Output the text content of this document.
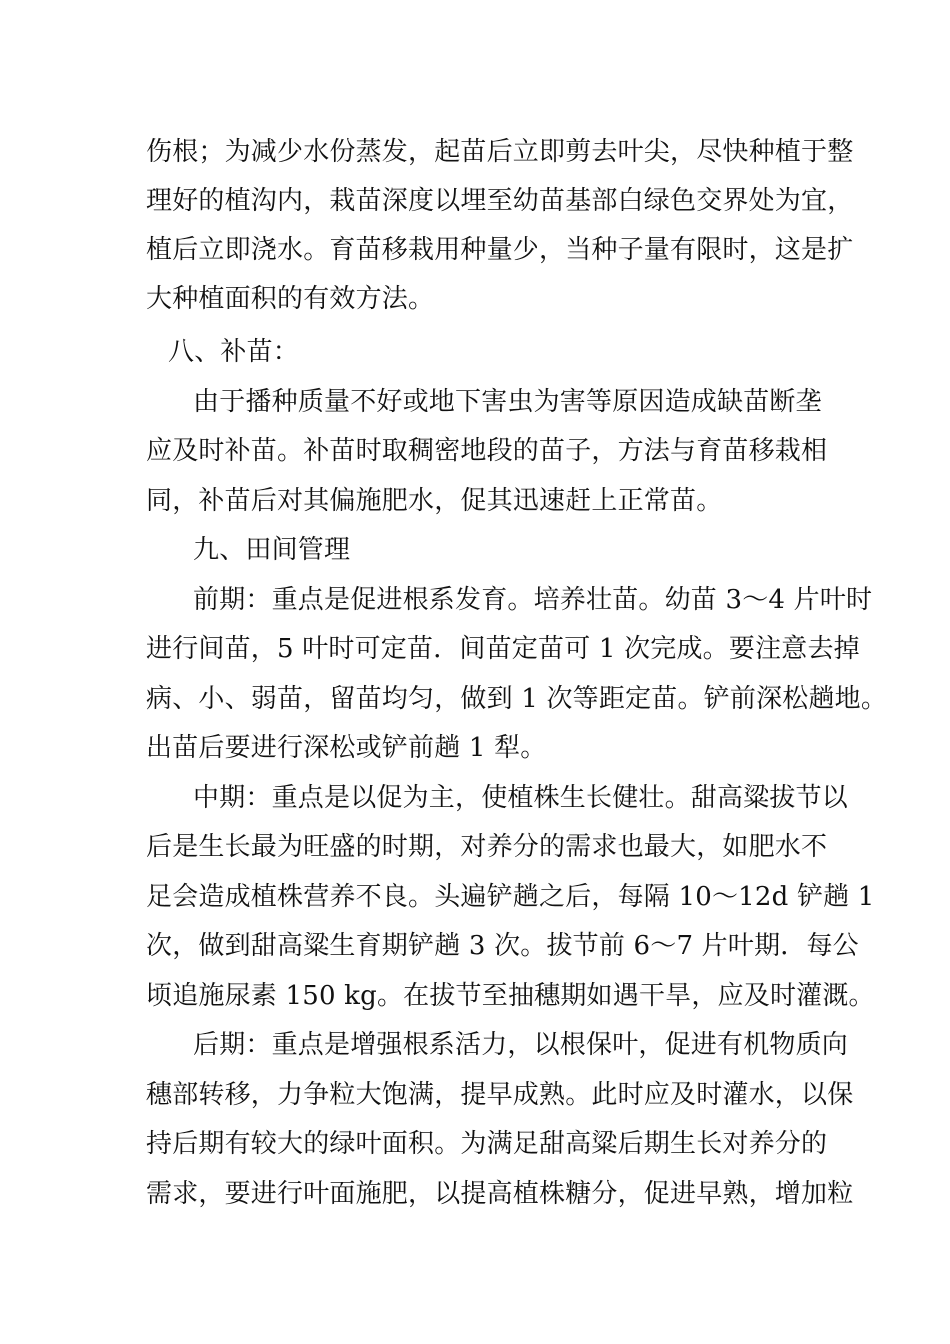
伤根；为减少水份蒸发，起苗后立即剪去叶尖，尽快种植于整
理好的植沟内，栽苗深度以埋至幼苗基部白绿色交界处为宜，
植后立即浇水。育苗移栽用种量少，当种子量有限时，这是扩
大种植面积的有效方法。
八、补苗：
由于播种质量不好或地下害虫为害等原因造成缺苗断垄
应及时补苗。补苗时取稠密地段的苗子，方法与育苗移栽相
同，补苗后对其偏施肥水，促其迅速赶上正常苗。
九、田间管理
前期：重点是促进根系发育。培养壮苗。幼苗 3～4 片叶时
进行间苗，5 叶时可定苗．间苗定苗可 1 次完成。要注意去掉
病、小、弱苗，留苗均匀，做到 1 次等距定苗。铲前深松趟地。
出苗后要进行深松或铲前趟 1 犁。
中期：重点是以促为主，使植株生长健壮。甜高粱拔节以
后是生长最为旺盛的时期，对养分的需求也最大，如肥水不
足会造成植株营养不良。头遍铲趟之后，每隔 10～12d 铲趟 1
次，做到甜高粱生育期铲趟 3 次。拔节前 6～7 片叶期．每公
顷追施尿素 150 kg。在拔节至抽穗期如遇干旱，应及时灌溉。
后期：重点是增强根系活力，以根保叶，促进有机物质向
穗部转移，力争粒大饱满，提早成熟。此时应及时灌水，以保
持后期有较大的绿叶面积。为满足甜高粱后期生长对养分的
需求，要进行叶面施肥，以提高植株糖分，促进早熟，增加粒
